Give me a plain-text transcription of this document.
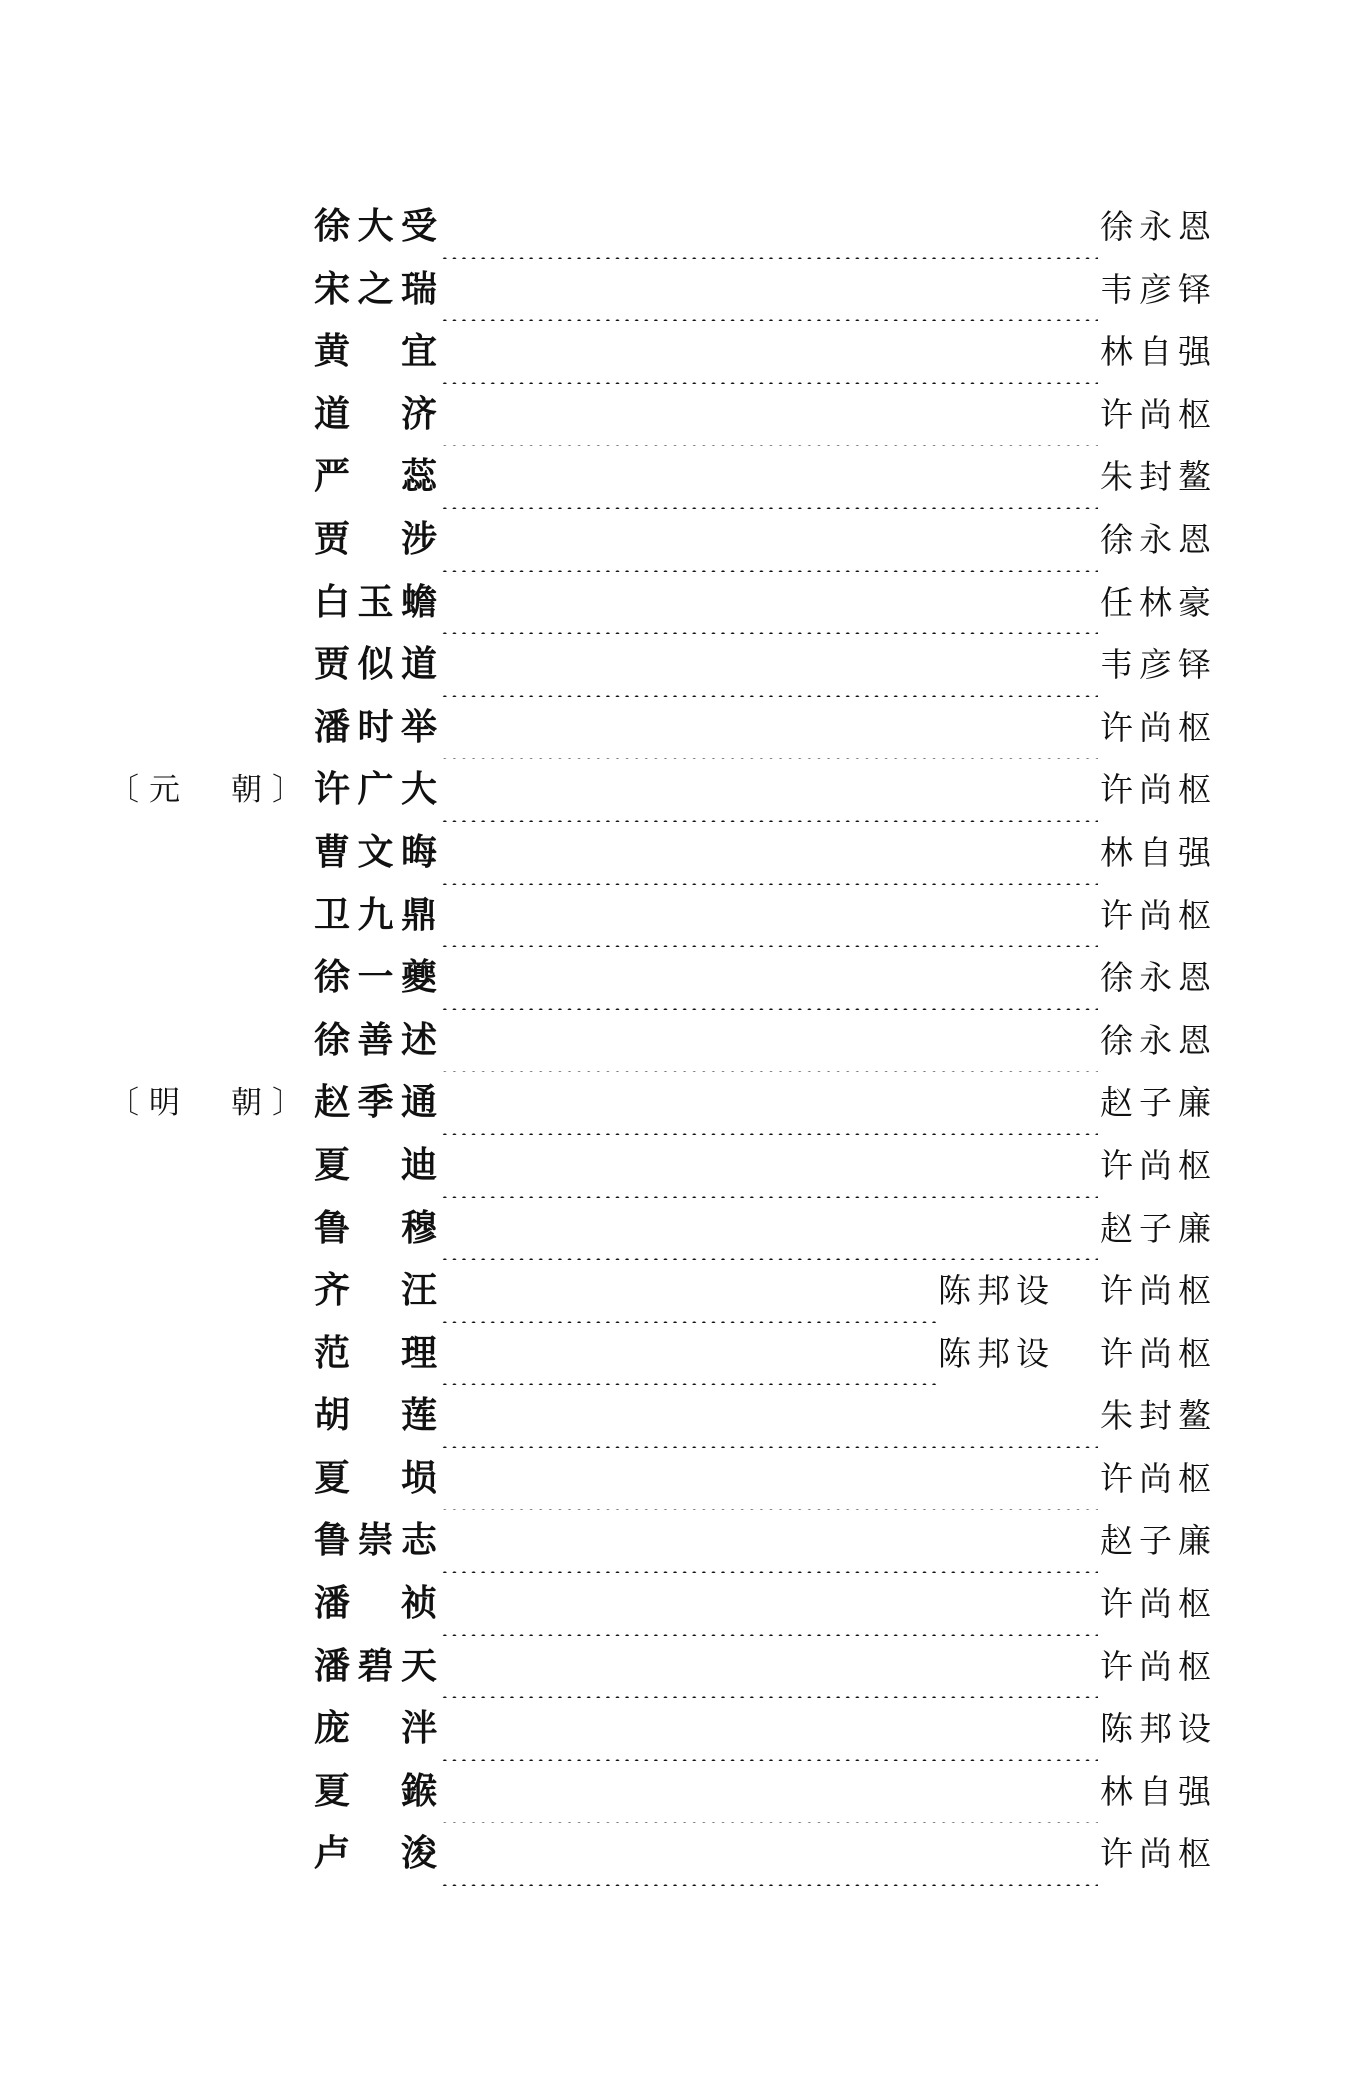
徐 大 受	徐永恩
宋 之 瑞	韦彦铎
黄 宜	林自强
道 济	许尚枢
严 蕊	朱封鳌
贾 涉	徐永恩
白 玉 蟾	任林豪
贾 似 道	韦彦铎
潘 时 举	许尚枢
〔元　朝〕 许 广 大	许尚枢
曹 文 晦	林自强
卫 九 鼎	许尚枢
徐 一 夔	徐永恩
徐 善 述	徐永恩
〔明　朝〕 赵 季 通	赵子廉
夏 迪	许尚枢
鲁 穆	赵子廉
齐 汪	陈邦设 许尚枢
范 理	陈邦设 许尚枢
胡 莲	朱封鳌
夏 埙	许尚枢
鲁 崇 志	赵子廉
潘 祯	许尚枢
潘 碧 天	许尚枢
庞 泮	陈邦设
夏 鍭	林自强
卢 浚	许尚枢
